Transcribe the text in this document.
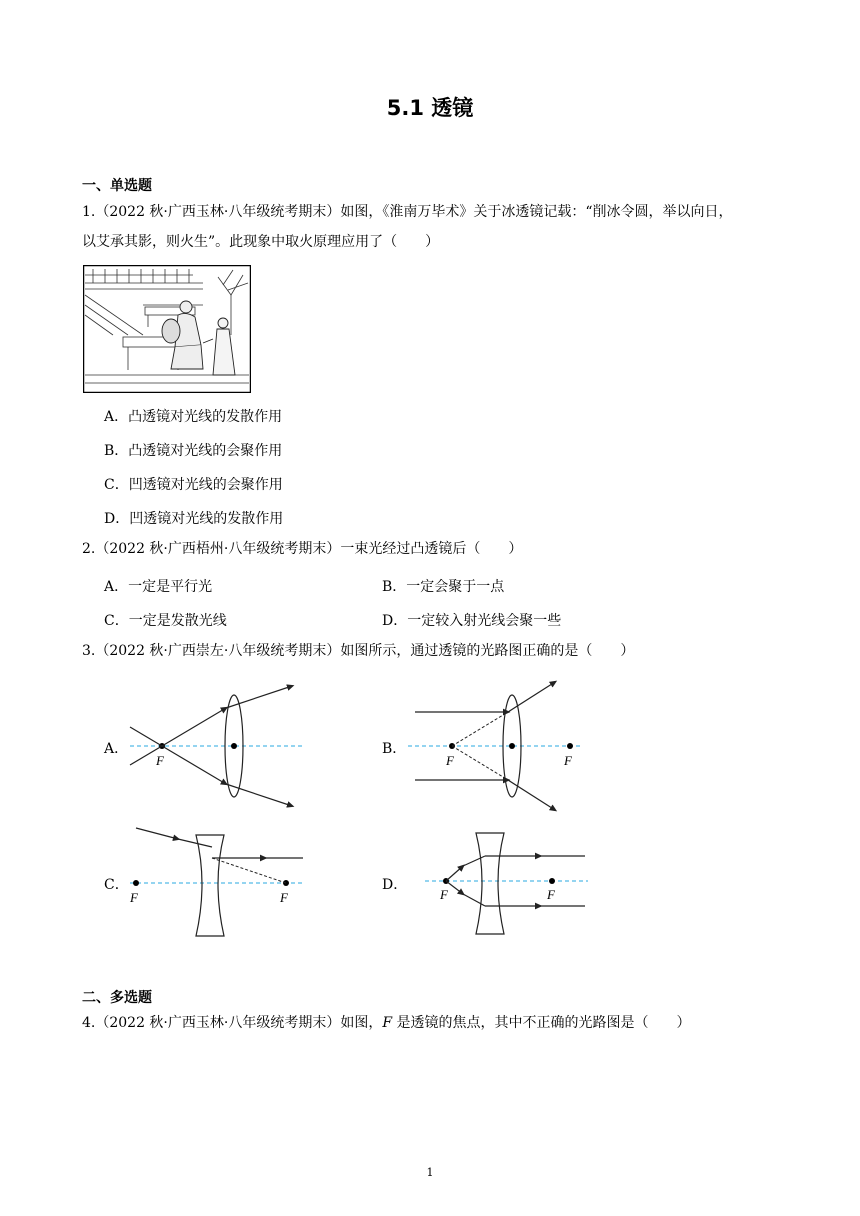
5.1 透镜
一、单选题
1.（2022 秋·广西玉林·八年级统考期末）如图，《淮南万毕术》关于冰透镜记载：“削冰令圆，举以向日，
以艾承其影，则火生”。此现象中取火原理应用了（　　）
A．凸透镜对光线的发散作用
B．凸透镜对光线的会聚作用
C．凹透镜对光线的会聚作用
D．凹透镜对光线的发散作用
2.（2022 秋·广西梧州·八年级统考期末）一束光经过凸透镜后（　　）
A．一定是平行光	B．一定会聚于一点
C．一定是发散光线	D．一定较入射光线会聚一些
3.（2022 秋·广西崇左·八年级统考期末）如图所示，通过透镜的光路图正确的是（　　）
A．	B．
C．	D．
F	F	F
F	F	F	F
二、多选题
4.（2022 秋·广西玉林·八年级统考期末）如图，F 是透镜的焦点，其中不正确的光路图是（　　）
1
